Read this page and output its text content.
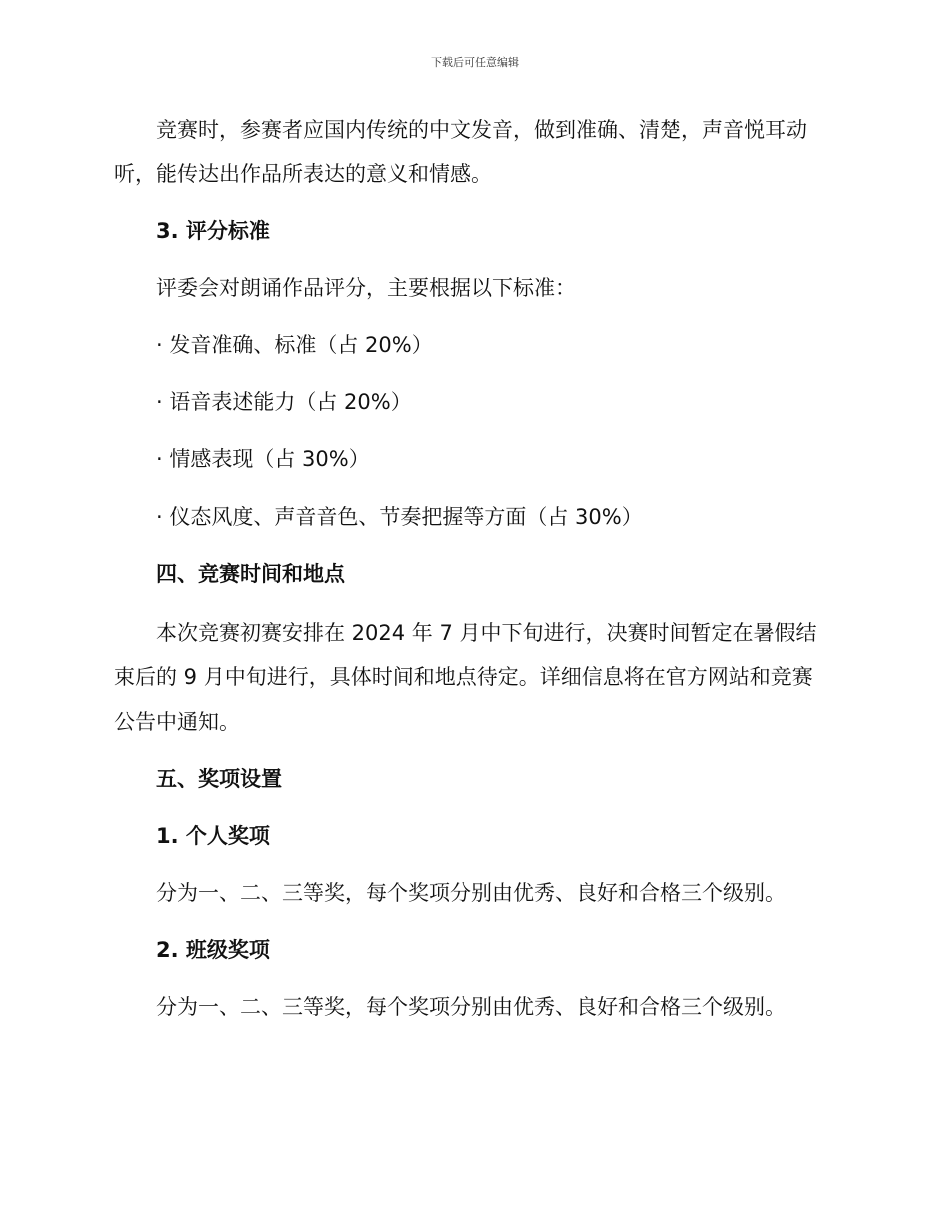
下载后可任意编辑
竞赛时，参赛者应国内传统的中文发音，做到准确、清楚，声音悦耳动
听，能传达出作品所表达的意义和情感。
3. 评分标准
评委会对朗诵作品评分，主要根据以下标准：
· 发音准确、标准（占 20%）
· 语音表述能力（占 20%）
· 情感表现（占 30%）
· 仪态风度、声音音色、节奏把握等方面（占 30%）
四、竞赛时间和地点
本次竞赛初赛安排在 2024 年 7 月中下旬进行，决赛时间暂定在暑假结
束后的 9 月中旬进行，具体时间和地点待定。详细信息将在官方网站和竞赛
公告中通知。
五、奖项设置
1. 个人奖项
分为一、二、三等奖，每个奖项分别由优秀、良好和合格三个级别。
2. 班级奖项
分为一、二、三等奖，每个奖项分别由优秀、良好和合格三个级别。
